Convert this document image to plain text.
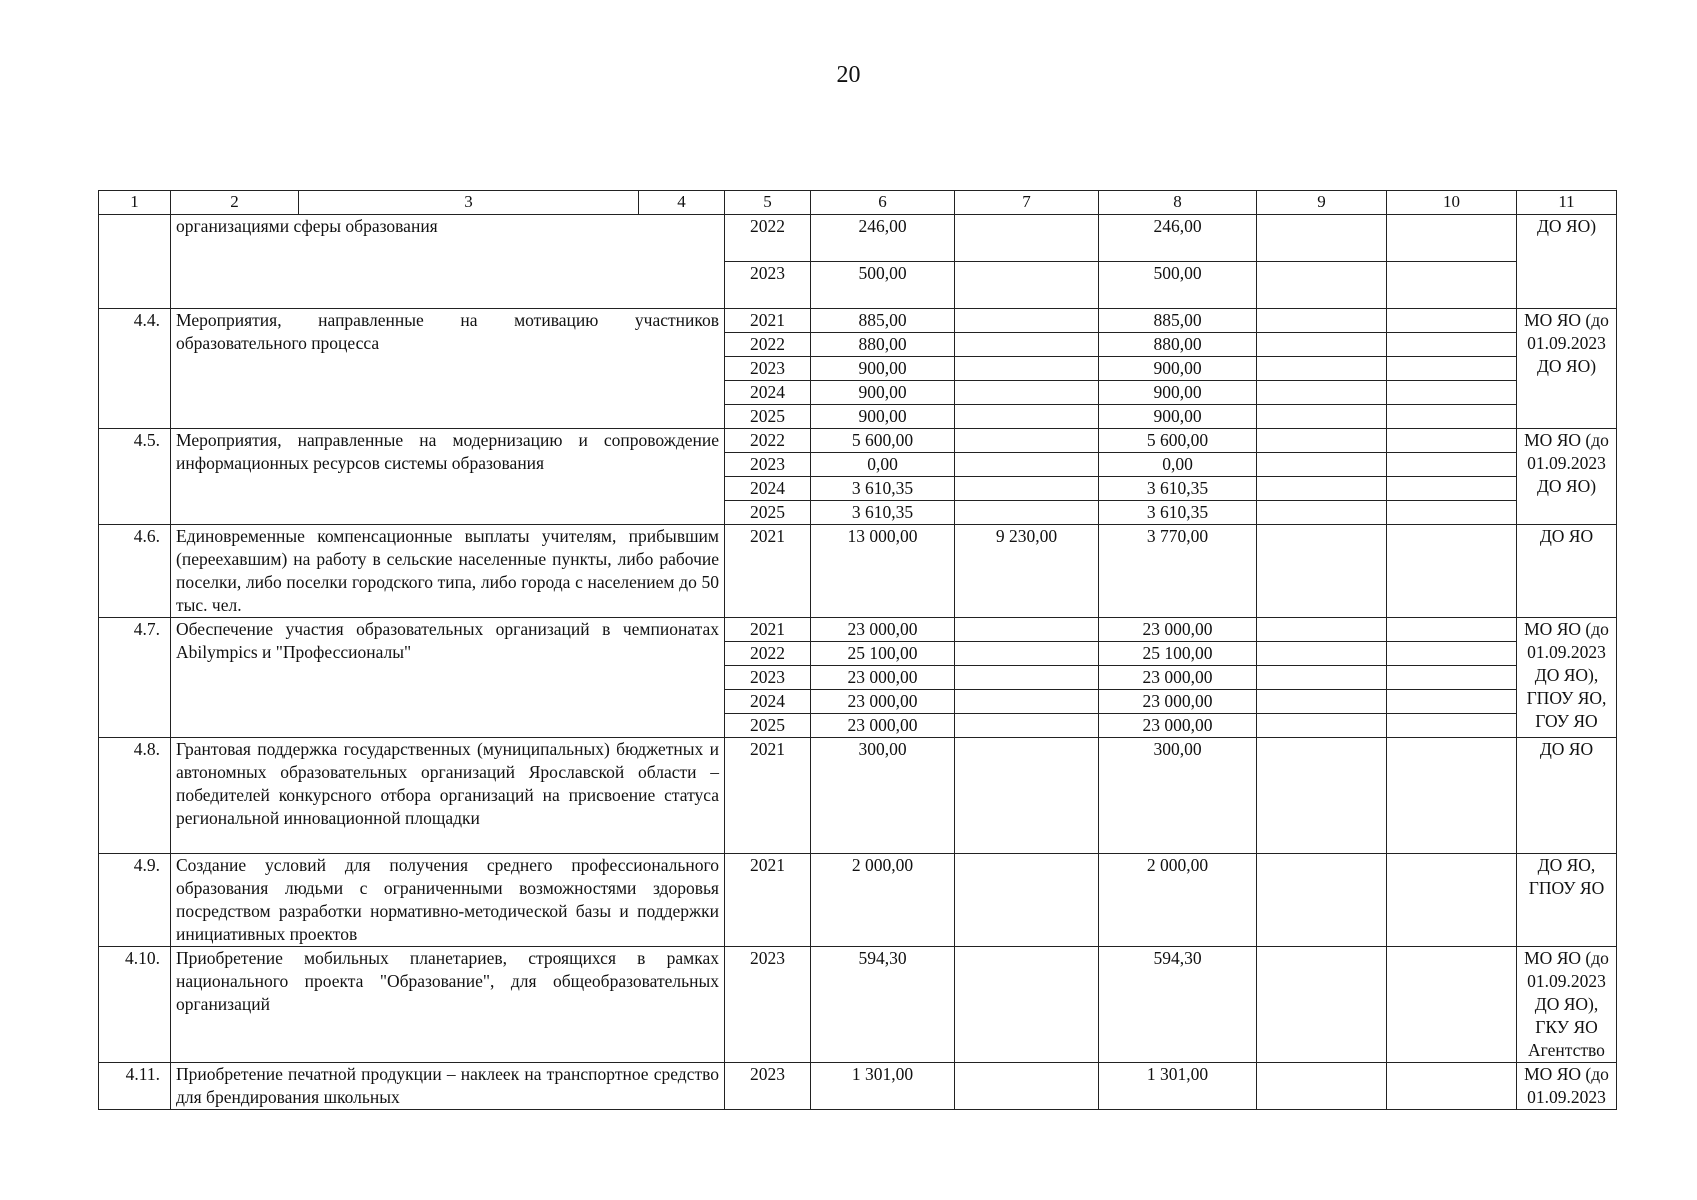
20
1	2	3	4	5	6	7	8	9	10	11
	организациями сферы образования			2022	246,00		246,00			ДО ЯО)
				2023	500,00		500,00			
4.4.	Мероприятия, направленные на мотивацию участников образовательного процесса			2021	885,00		885,00			МО ЯО (до 01.09.2023 ДО ЯО)
				2022	880,00		880,00			
				2023	900,00		900,00			
				2024	900,00		900,00			
				2025	900,00		900,00			
4.5.	Мероприятия, направленные на модернизацию и сопровождение информационных ресурсов системы образования			2022	5 600,00		5 600,00			МО ЯО (до 01.09.2023 ДО ЯО)
				2023	0,00		0,00			
				2024	3 610,35		3 610,35			
				2025	3 610,35		3 610,35			
4.6.	Единовременные компенсационные выплаты учителям, прибывшим (переехавшим) на работу в сельские населенные пункты, либо рабочие поселки, либо поселки городского типа, либо города с населением до 50 тыс. чел.			2021	13 000,00	9 230,00	3 770,00			ДО ЯО
4.7.	Обеспечение участия образовательных организаций в чемпионатах Abilympics и "Профессионалы"			2021	23 000,00		23 000,00			МО ЯО (до 01.09.2023 ДО ЯО), ГПОУ ЯО, ГОУ ЯО
				2022	25 100,00		25 100,00			
				2023	23 000,00		23 000,00			
				2024	23 000,00		23 000,00			
				2025	23 000,00		23 000,00			
4.8.	Грантовая поддержка государственных (муниципальных) бюджетных и автономных образовательных организаций Ярославской области – победителей конкурсного отбора организаций на присвоение статуса региональной инновационной площадки			2021	300,00		300,00			ДО ЯО
4.9.	Создание условий для получения среднего профессионального образования людьми с ограниченными возможностями здоровья посредством разработки нормативно-методической базы и поддержки инициативных проектов			2021	2 000,00		2 000,00			ДО ЯО, ГПОУ ЯО
4.10.	Приобретение мобильных планетариев, строящихся в рамках национального проекта "Образование", для общеобразовательных организаций			2023	594,30		594,30			МО ЯО (до 01.09.2023 ДО ЯО), ГКУ ЯО Агентство
4.11.	Приобретение печатной продукции – наклеек на транспортное средство для брендирования школьных			2023	1 301,00		1 301,00			МО ЯО (до 01.09.2023
